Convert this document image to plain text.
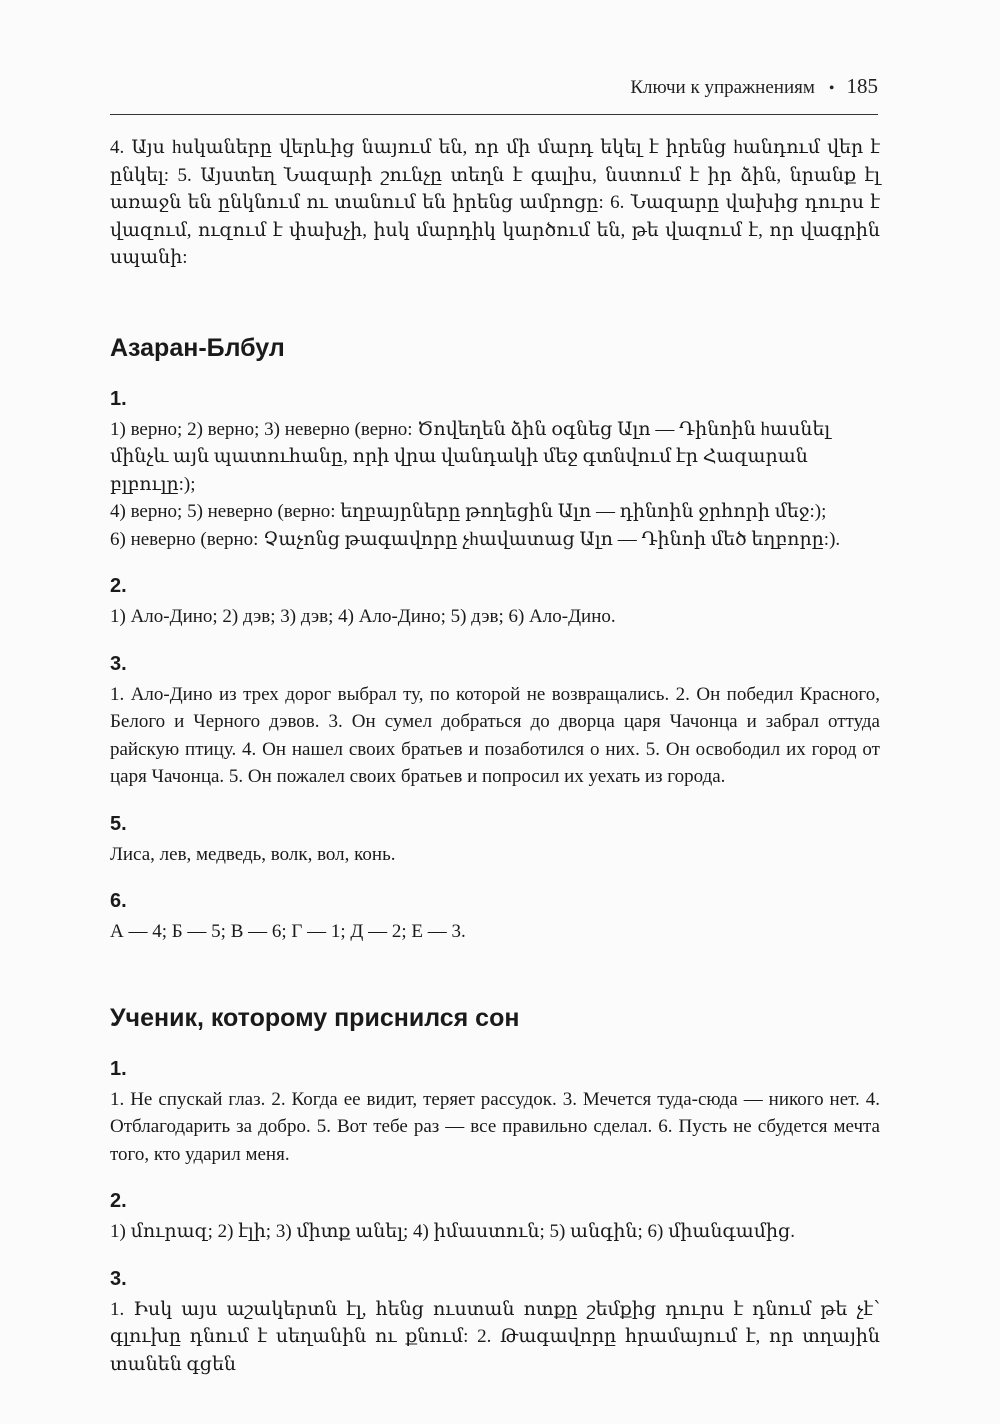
Ключи к упражнениям • 185

4. Այս hսկաները վերևից նայում են, որ մի մարդ եկել է իրենց hանդում վեր է ընկել: 5. Այստեղ Նազարի շունչը տեղն է գալիս, նստում է իր ձին, նրանք էլ առաջն են ընկնում ու տանում են իրենց ամրոցը: 6. Նազարը վախից դուրս է վազում, ուզում է փախչի, իսկ մարդիկ կարծում են, թե վազում է, որ վագրին սպանի:

Азаран-Блбул
1.

1) верно; 2) верно; 3) неверно (верно: Ծովեղեն ձին օգնեց Ալո — Դինոին hասնել

մինչև այն պատուհանը, որի վրա վանդակի մեջ գտնվում էր Հազարան բլբուլը:);

4) верно; 5) неверно (верно: եղբայրները թողեցին Ալո — դինոին ջրհորի մեջ:);

6) неверно (верно: Չաչոնց թագավորը չhավատաց Ալո — Դինոի մեծ եղբորը:).

2.

1) Ало-Дино; 2) дэв; 3) дэв; 4) Ало-Дино; 5) дэв; 6) Ало-Дино.

3.

1. Ало-Дино из трех дорог выбрал ту, по которой не возвращались. 2. Он победил Красного, Белого и Черного дэвов. 3. Он сумел добраться до дворца царя Чачонца и забрал оттуда райскую птицу. 4. Он нашел своих братьев и позаботился о них. 5. Он освободил их город от царя Чачонца. 5. Он пожалел своих братьев и попросил их уехать из города.

5.

Лиса, лев, медведь, волк, вол, конь.

6.

А — 4; Б — 5; В — 6; Г — 1; Д — 2; Е — 3.

Ученик, которому приснился сон
1.

1. Не спускай глаз. 2. Когда ее видит, теряет рассудок. 3. Мечется туда-сюда — никого нет. 4. Отблагодарить за добро. 5. Вот тебе раз — все правильно сделал. 6. Пусть не сбудется мечта того, кто ударил меня.

2.

1) մուրազ; 2) էլի; 3) միտք անել; 4) իմաստուն; 5) անգին; 6) միանգամից.

3.

1. Իսկ այս աշակերտն էլ, հենց ուստան ոտքը շեմքից դուրս է դնում թե չէ՝ գլուխը դնում է սեղանին ու քնում: 2. Թագավորը հրամայում է, որ տղային տանեն գցեն
